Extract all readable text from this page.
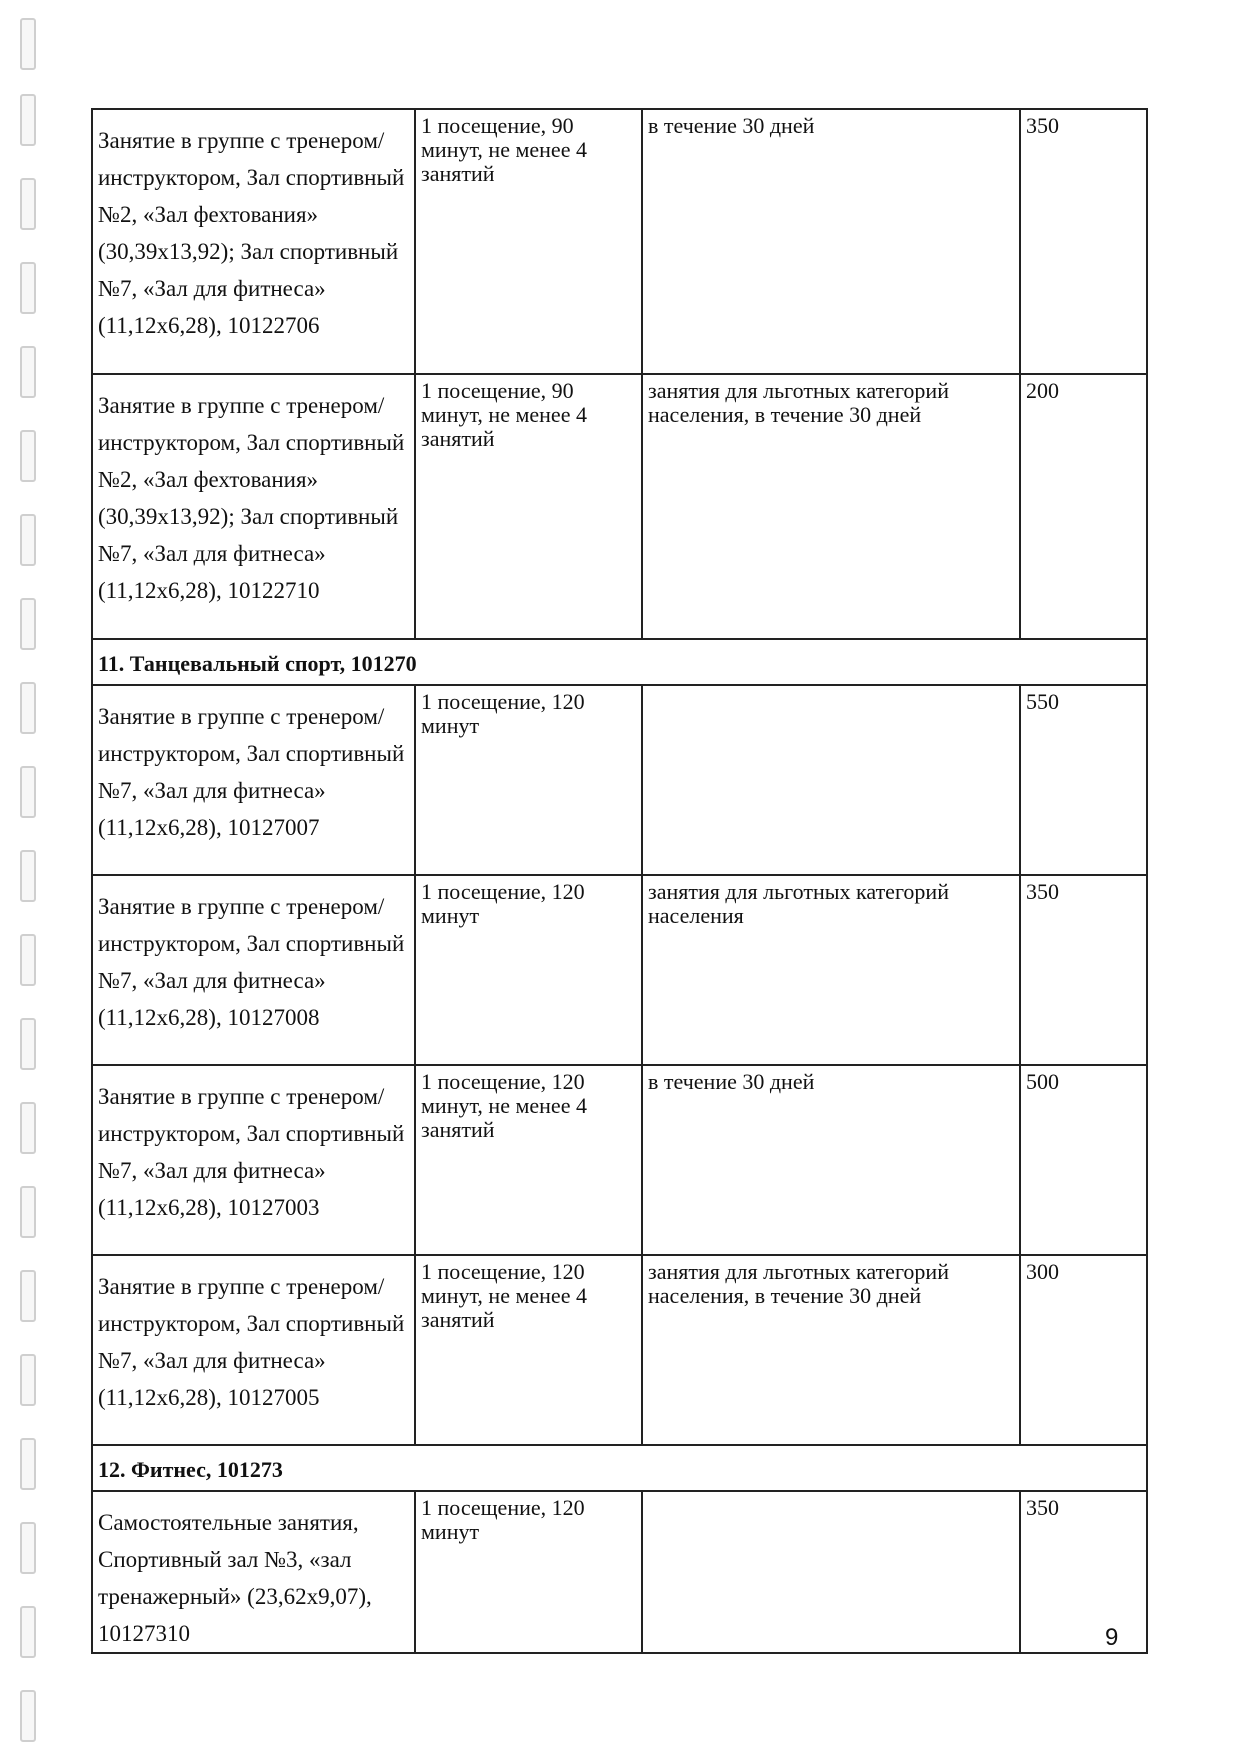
Занятие в группе с тренером/инструктором, Зал спортивный №2, «Зал фехтования» (30,39х13,92); Зал спортивный №7, «Зал для фитнеса» (11,12х6,28), 10122706	1 посещение, 90 минут, не менее 4 занятий	в течение 30 дней	350
Занятие в группе с тренером/инструктором, Зал спортивный №2, «Зал фехтования» (30,39х13,92); Зал спортивный №7, «Зал для фитнеса» (11,12х6,28), 10122710	1 посещение, 90 минут, не менее 4 занятий	занятия для льготных категорий населения, в течение 30 дней	200
11. Танцевальный спорт, 101270			
Занятие в группе с тренером/инструктором, Зал спортивный №7, «Зал для фитнеса» (11,12х6,28), 10127007	1 посещение, 120 минут		550
Занятие в группе с тренером/инструктором, Зал спортивный №7, «Зал для фитнеса» (11,12х6,28), 10127008	1 посещение, 120 минут	занятия для льготных категорий населения	350
Занятие в группе с тренером/инструктором, Зал спортивный №7, «Зал для фитнеса» (11,12х6,28), 10127003	1 посещение, 120 минут, не менее 4 занятий	в течение 30 дней	500
Занятие в группе с тренером/инструктором, Зал спортивный №7, «Зал для фитнеса» (11,12х6,28), 10127005	1 посещение, 120 минут, не менее 4 занятий	занятия для льготных категорий населения, в течение 30 дней	300
12. Фитнес, 101273			
Самостоятельные занятия, Спортивный зал №3, «зал тренажерный» (23,62х9,07), 10127310	1 посещение, 120 минут		350
9
